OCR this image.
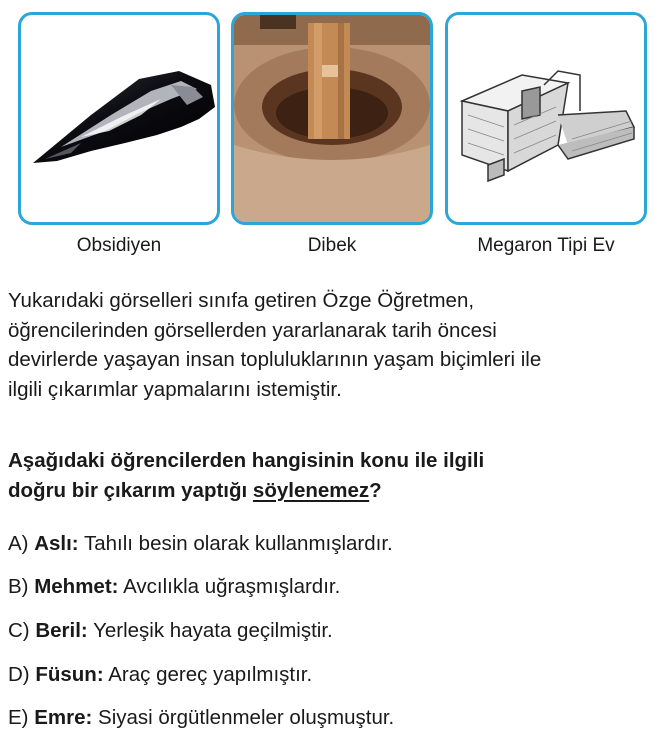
Obsidiyen	Dibek	Megaron Tipi Ev
Yukarıdaki görselleri sınıfa getiren Özge Öğretmen,
öğrencilerinden görsellerden yararlanarak tarih öncesi
devirlerde yaşayan insan topluluklarının yaşam biçimleri ile
ilgili çıkarımlar yapmalarını istemiştir.
Aşağıdaki öğrencilerden hangisinin konu ile ilgili
doğru bir çıkarım yaptığı söylenemez?
A) Aslı: Tahılı besin olarak kullanmışlardır.
B) Mehmet: Avcılıkla uğraşmışlardır.
C) Beril: Yerleşik hayata geçilmiştir.
D) Füsun: Araç gereç yapılmıştır.
E) Emre: Siyasi örgütlenmeler oluşmuştur.
